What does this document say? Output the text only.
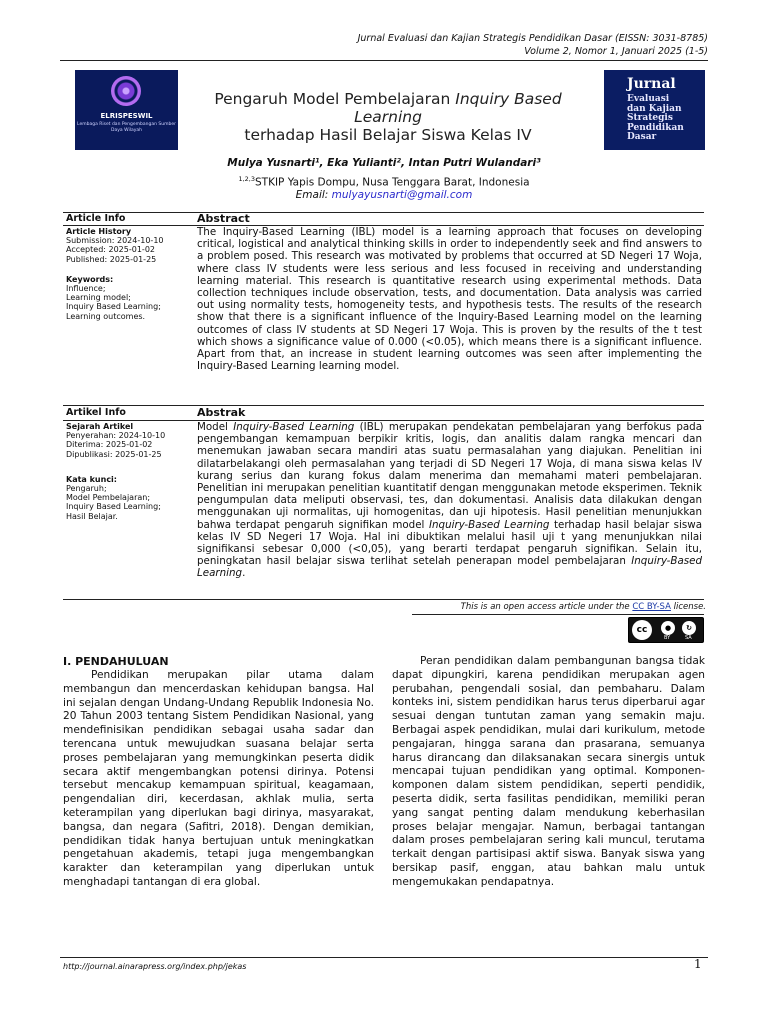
Jurnal Evaluasi dan Kajian Strategis Pendidikan Dasar (EISSN: 3031-8785)
Volume 2, Nomor 1, Januari 2025 (1-5)
ELRISPESWIL
Lembaga Riset dan Pengembangan Sumber Daya Wilayah
Pengaruh Model Pembelajaran Inquiry Based Learning
terhadap Hasil Belajar Siswa Kelas IV
Jurnal
Evaluasi
dan Kajian
Strategis
Pendidikan
Dasar
Mulya Yusnarti¹, Eka Yulianti², Intan Putri Wulandari³
$^{1,2,3}$STKIP Yapis Dompu, Nusa Tenggara Barat, Indonesia
Email: mulyayusnarti@gmail.com
Article Info	Abstract
Article History
Submission: 2024-10-10
Accepted: 2025-01-02
Published: 2025-01-25
Keywords:
Influence;
Learning model;
Inquiry Based Learning;
Learning outcomes.
The Inquiry-Based Learning (IBL) model is a learning approach that focuses on developing critical, logistical and analytical thinking skills in order to independently seek and find answers to a problem posed. This research was motivated by problems that occurred at SD Negeri 17 Woja, where class IV students were less serious and less focused in receiving and understanding learning material. This research is quantitative research using experimental methods. Data collection techniques include observation, tests, and documentation. Data analysis was carried out using normality tests, homogeneity tests, and hypothesis tests. The results of the research show that there is a significant influence of the Inquiry-Based Learning model on the learning outcomes of class IV students at SD Negeri 17 Woja. This is proven by the results of the t test which shows a significance value of 0.000 (<0.05), which means there is a significant influence. Apart from that, an increase in student learning outcomes was seen after implementing the Inquiry-Based Learning learning model.
Artikel Info	Abstrak
Sejarah Artikel
Penyerahan: 2024-10-10
Diterima: 2025-01-02
Dipublikasi: 2025-01-25
Kata kunci:
Pengaruh;
Model Pembelajaran;
Inquiry Based Learning;
Hasil Belajar.
Model Inquiry-Based Learning (IBL) merupakan pendekatan pembelajaran yang berfokus pada pengembangan kemampuan berpikir kritis, logis, dan analitis dalam rangka mencari dan menemukan jawaban secara mandiri atas suatu permasalahan yang diajukan. Penelitian ini dilatarbelakangi oleh permasalahan yang terjadi di SD Negeri 17 Woja, di mana siswa kelas IV kurang serius dan kurang fokus dalam menerima dan memahami materi pembelajaran. Penelitian ini merupakan penelitian kuantitatif dengan menggunakan metode eksperimen. Teknik pengumpulan data meliputi observasi, tes, dan dokumentasi. Analisis data dilakukan dengan menggunakan uji normalitas, uji homogenitas, dan uji hipotesis. Hasil penelitian menunjukkan bahwa terdapat pengaruh signifikan model Inquiry-Based Learning terhadap hasil belajar siswa kelas IV SD Negeri 17 Woja. Hal ini dibuktikan melalui hasil uji t yang menunjukkan nilai signifikansi sebesar 0,000 (<0,05), yang berarti terdapat pengaruh signifikan. Selain itu, peningkatan hasil belajar siswa terlihat setelah penerapan model pembelajaran Inquiry-Based Learning.
This is an open access article under the CC BY-SA license.
cc	●	↻
BY	SA
I. PENDAHULUAN
Pendidikan merupakan pilar utama dalam membangun dan mencerdaskan kehidupan bangsa. Hal ini sejalan dengan Undang-Undang Republik Indonesia No. 20 Tahun 2003 tentang Sistem Pendidikan Nasional, yang mendefinisikan pendidikan sebagai usaha sadar dan terencana untuk mewujudkan suasana belajar serta proses pembelajaran yang memungkinkan peserta didik secara aktif mengembangkan potensi dirinya. Potensi tersebut mencakup kemampuan spiritual, keagamaan, pengendalian diri, kecerdasan, akhlak mulia, serta keterampilan yang diperlukan bagi dirinya, masyarakat, bangsa, dan negara (Safitri, 2018). Dengan demikian, pendidikan tidak hanya bertujuan untuk meningkatkan pengetahuan akademis, tetapi juga mengembangkan karakter dan keterampilan yang diperlukan untuk menghadapi tantangan di era global.
Peran pendidikan dalam pembangunan bangsa tidak dapat dipungkiri, karena pendidikan merupakan agen perubahan, pengendali sosial, dan pembaharu. Dalam konteks ini, sistem pendidikan harus terus diperbarui agar sesuai dengan tuntutan zaman yang semakin maju. Berbagai aspek pendidikan, mulai dari kurikulum, metode pengajaran, hingga sarana dan prasarana, semuanya harus dirancang dan dilaksanakan secara sinergis untuk mencapai tujuan pendidikan yang optimal. Komponen-komponen dalam sistem pendidikan, seperti pendidik, peserta didik, serta fasilitas pendidikan, memiliki peran yang sangat penting dalam mendukung keberhasilan proses belajar mengajar. Namun, berbagai tantangan dalam proses pembelajaran sering kali muncul, terutama terkait dengan partisipasi aktif siswa. Banyak siswa yang bersikap pasif, enggan, atau bahkan malu untuk mengemukakan pendapatnya.
http://journal.ainarapress.org/index.php/jekas	1
